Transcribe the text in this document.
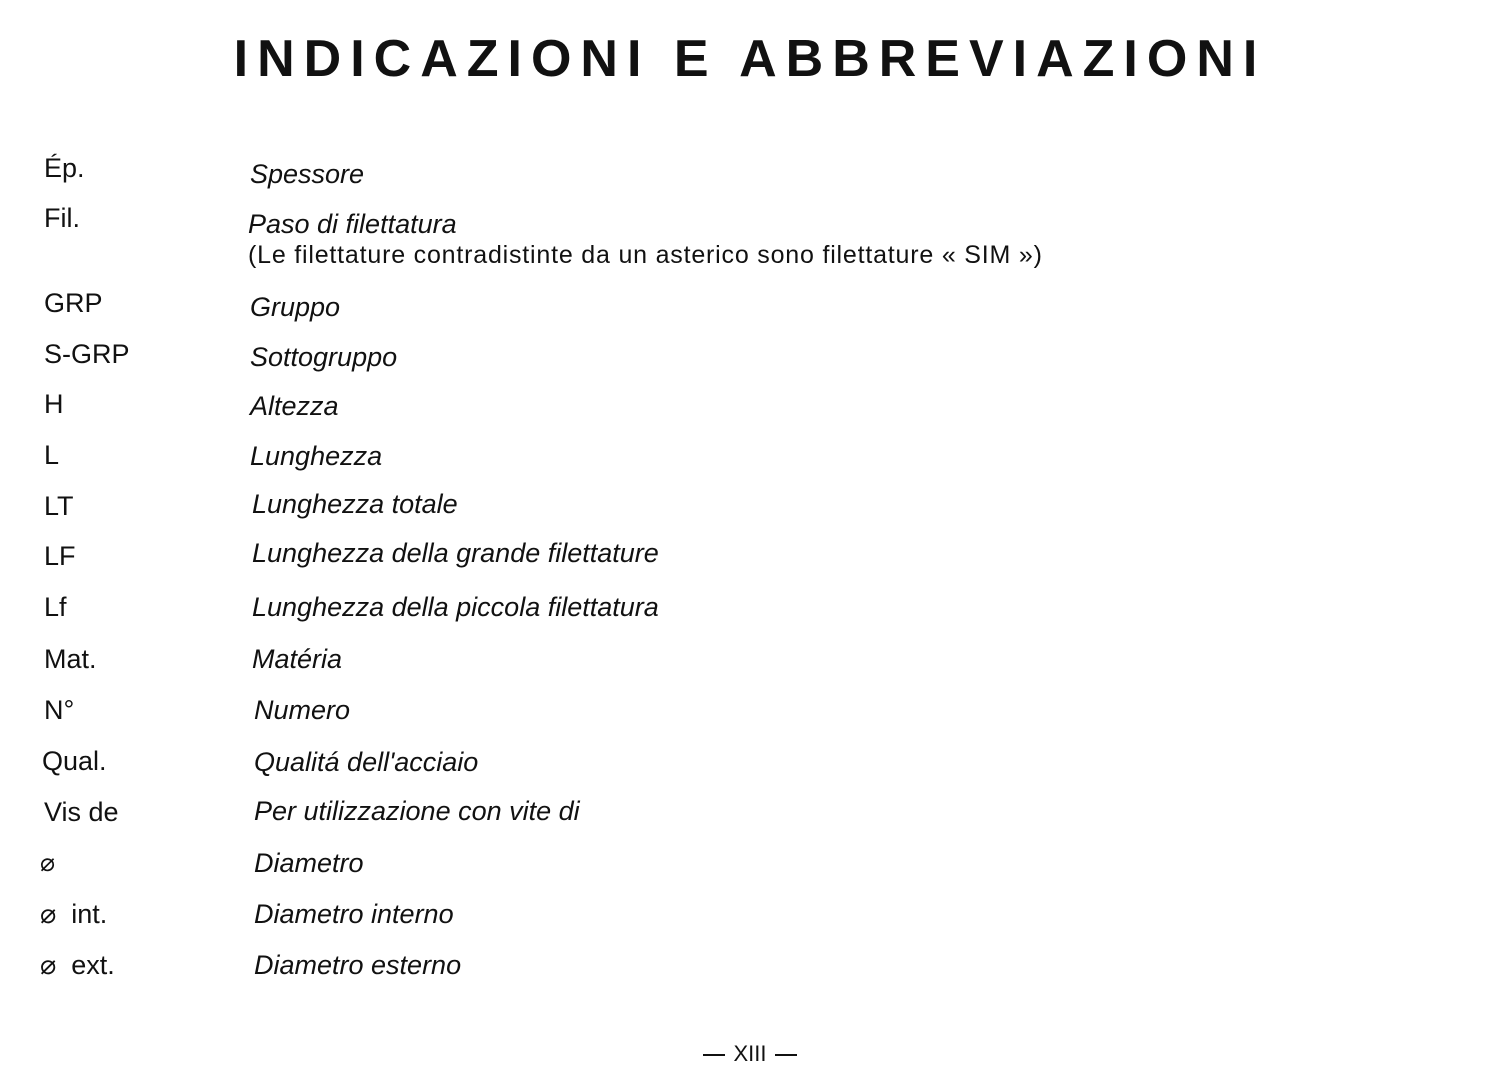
INDICAZIONI E ABBREVIAZIONI
Ép.	Spessore
Fil.	Paso di filettatura
(Le filettature contradistinte da un asterico sono filettature « SIM »)
GRP	Gruppo
S-GRP	Sottogruppo
H	Altezza
L	Lunghezza
LT	Lunghezza totale
LF	Lunghezza della grande filettature
Lf	Lunghezza della piccola filettatura
Mat.	Matéria
N°	Numero
Qual.	Qualitá dell'acciaio
Vis de	Per utilizzazione con vite di
⌀	Diametro
⌀  int.	Diametro interno
⌀  ext.	Diametro esterno
XIII
